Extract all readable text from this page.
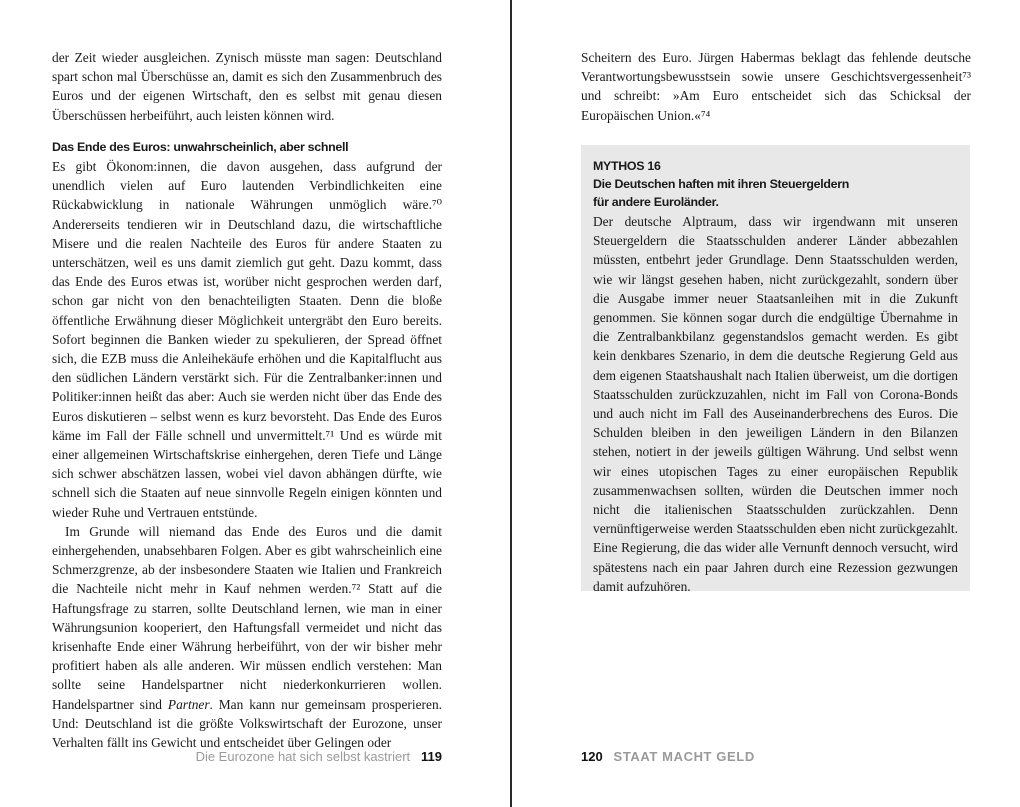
der Zeit wieder ausgleichen. Zynisch müsste man sagen: Deutschland spart schon mal Überschüsse an, damit es sich den Zusammenbruch des Euros und der eigenen Wirtschaft, den es selbst mit genau diesen Überschüssen herbeiführt, auch leisten können wird.

Das Ende des Euros: unwahrscheinlich, aber schnell

Es gibt Ökonom:innen, die davon ausgehen, dass aufgrund der unendlich vielen auf Euro lautenden Verbindlichkeiten eine Rückabwicklung in nationale Währungen unmöglich wäre.⁷⁰ Andererseits tendieren wir in Deutschland dazu, die wirtschaftliche Misere und die realen Nachteile des Euros für andere Staaten zu unterschätzen, weil es uns damit ziemlich gut geht. Dazu kommt, dass das Ende des Euros etwas ist, worüber nicht gesprochen werden darf, schon gar nicht von den benachteiligten Staaten. Denn die bloße öffentliche Erwähnung dieser Möglichkeit untergräbt den Euro bereits. Sofort beginnen die Banken wieder zu spekulieren, der Spread öffnet sich, die EZB muss die Anleihekäufe erhöhen und die Kapitalflucht aus den südlichen Ländern verstärkt sich. Für die Zentralbanker:innen und Politiker:innen heißt das aber: Auch sie werden nicht über das Ende des Euros diskutieren – selbst wenn es kurz bevorsteht. Das Ende des Euros käme im Fall der Fälle schnell und unvermittelt.⁷¹ Und es würde mit einer allgemeinen Wirtschaftskrise einhergehen, deren Tiefe und Länge sich schwer abschätzen lassen, wobei viel davon abhängen dürfte, wie schnell sich die Staaten auf neue sinnvolle Regeln einigen könnten und wieder Ruhe und Vertrauen entstünde.

Im Grunde will niemand das Ende des Euros und die damit einhergehenden, unabsehbaren Folgen. Aber es gibt wahrscheinlich eine Schmerzgrenze, ab der insbesondere Staaten wie Italien und Frankreich die Nachteile nicht mehr in Kauf nehmen werden.⁷² Statt auf die Haftungsfrage zu starren, sollte Deutschland lernen, wie man in einer Währungsunion kooperiert, den Haftungsfall vermeidet und nicht das krisenhafte Ende einer Währung herbeiführt, von der wir bisher mehr profitiert haben als alle anderen. Wir müssen endlich verstehen: Man sollte seine Handelspartner nicht niederkonkurrieren wollen. Handelspartner sind Partner. Man kann nur gemeinsam prosperieren. Und: Deutschland ist die größte Volkswirtschaft der Eurozone, unser Verhalten fällt ins Gewicht und entscheidet über Gelingen oder

Die Eurozone hat sich selbst kastriert 119

Scheitern des Euro. Jürgen Habermas beklagt das fehlende deutsche Verantwortungsbewusstsein sowie unsere Geschichtsvergessenheit⁷³ und schreibt: »Am Euro entscheidet sich das Schicksal der Europäischen Union.«⁷⁴

MYTHOS 16
Die Deutschen haften mit ihren Steuergeldern
für andere Euroländer.

Der deutsche Alptraum, dass wir irgendwann mit unseren Steuergeldern die Staatsschulden anderer Länder abbezahlen müssten, entbehrt jeder Grundlage. Denn Staatsschulden werden, wie wir längst gesehen haben, nicht zurückgezahlt, sondern über die Ausgabe immer neuer Staatsanleihen mit in die Zukunft genommen. Sie können sogar durch die endgültige Übernahme in die Zentralbankbilanz gegenstandslos gemacht werden. Es gibt kein denkbares Szenario, in dem die deutsche Regierung Geld aus dem eigenen Staatshaushalt nach Italien überweist, um die dortigen Staatsschulden zurückzuzahlen, nicht im Fall von Corona-Bonds und auch nicht im Fall des Auseinanderbrechens des Euros. Die Schulden bleiben in den jeweiligen Ländern in den Bilanzen stehen, notiert in der jeweils gültigen Währung. Und selbst wenn wir eines utopischen Tages zu einer europäischen Republik zusammenwachsen sollten, würden die Deutschen immer noch nicht die italienischen Staatsschulden zurückzahlen. Denn vernünftigerweise werden Staatsschulden eben nicht zurückgezahlt. Eine Regierung, die das wider alle Vernunft dennoch versucht, wird spätestens nach ein paar Jahren durch eine Rezession gezwungen damit aufzuhören.

120 STAAT MACHT GELD
